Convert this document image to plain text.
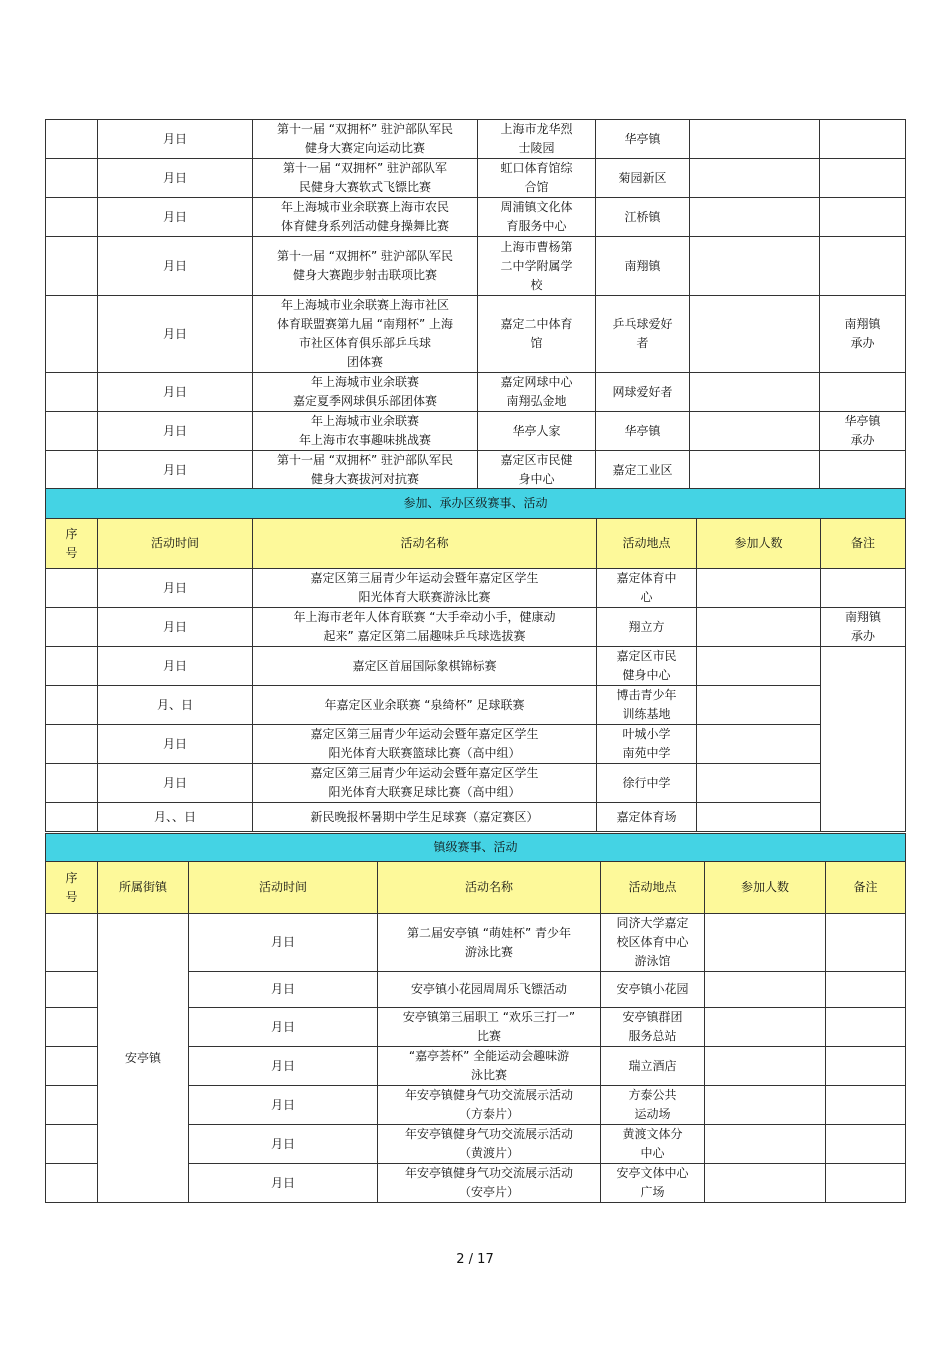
	月日	第十一届 “双拥杯” 驻沪部队军民
健身大赛定向运动比赛	上海市龙华烈
士陵园	华亭镇		
	月日	第十一届 “双拥杯” 驻沪部队军
民健身大赛软式飞镖比赛	虹口体育馆综
合馆	菊园新区		
	月日	年上海城市业余联赛上海市农民
体育健身系列活动健身操舞比赛	周浦镇文化体
育服务中心	江桥镇		
	月日	第十一届 “双拥杯” 驻沪部队军民
健身大赛跑步射击联项比赛	上海市曹杨第
二中学附属学
校	南翔镇		
	月日	年上海城市业余联赛上海市社区
体育联盟赛第九届 “南翔杯” 上海
市社区体育俱乐部乒乓球
团体赛	嘉定二中体育
馆	乒乓球爱好
者		南翔镇
承办
	月日	年上海城市业余联赛
嘉定夏季网球俱乐部团体赛	嘉定网球中心
南翔弘金地	网球爱好者		
	月日	年上海城市业余联赛
年上海市农事趣味挑战赛	华亭人家	华亭镇		华亭镇
承办
	月日	第十一届 “双拥杯” 驻沪部队军民
健身大赛拔河对抗赛	嘉定区市民健
身中心	嘉定工业区		
参加、承办区级赛事、活动					
序
号	活动时间	活动名称	活动地点	参加人数	备注
	月日	嘉定区第三届青少年运动会暨年嘉定区学生
阳光体育大联赛游泳比赛	嘉定体育中
心		
	月日	年上海市老年人体育联赛 “大手牵动小手，健康动
起来” 嘉定区第二届趣味乒乓球选拔赛	翔立方		南翔镇
承办
	月日	嘉定区首届国际象棋锦标赛	嘉定区市民
健身中心		
	月、日	年嘉定区业余联赛 “泉绮杯” 足球联赛	博击青少年
训练基地		
	月日	嘉定区第三届青少年运动会暨年嘉定区学生
阳光体育大联赛篮球比赛（高中组）	叶城小学
南苑中学		
	月日	嘉定区第三届青少年运动会暨年嘉定区学生
阳光体育大联赛足球比赛（高中组）	徐行中学		
	月、、日	新民晚报杯暑期中学生足球赛（嘉定赛区）	嘉定体育场		
镇级赛事、活动						
序
号	所属街镇	活动时间	活动名称	活动地点	参加人数	备注
	安亭镇	月日	第二届安亭镇 “萌娃杯” 青少年
游泳比赛	同济大学嘉定
校区体育中心
游泳馆		
		月日	安亭镇小花园周周乐飞镖活动	安亭镇小花园		
		月日	安亭镇第三届职工 “欢乐三打一”
比赛	安亭镇群团
服务总站		
		月日	“嘉亭荟杯” 全能运动会趣味游
泳比赛	瑞立酒店		
		月日	年安亭镇健身气功交流展示活动
（方泰片）	方泰公共
运动场		
		月日	年安亭镇健身气功交流展示活动
（黄渡片）	黄渡文体分
中心		
		月日	年安亭镇健身气功交流展示活动
（安亭片）	安亭文体中心
广场		
2 / 17
